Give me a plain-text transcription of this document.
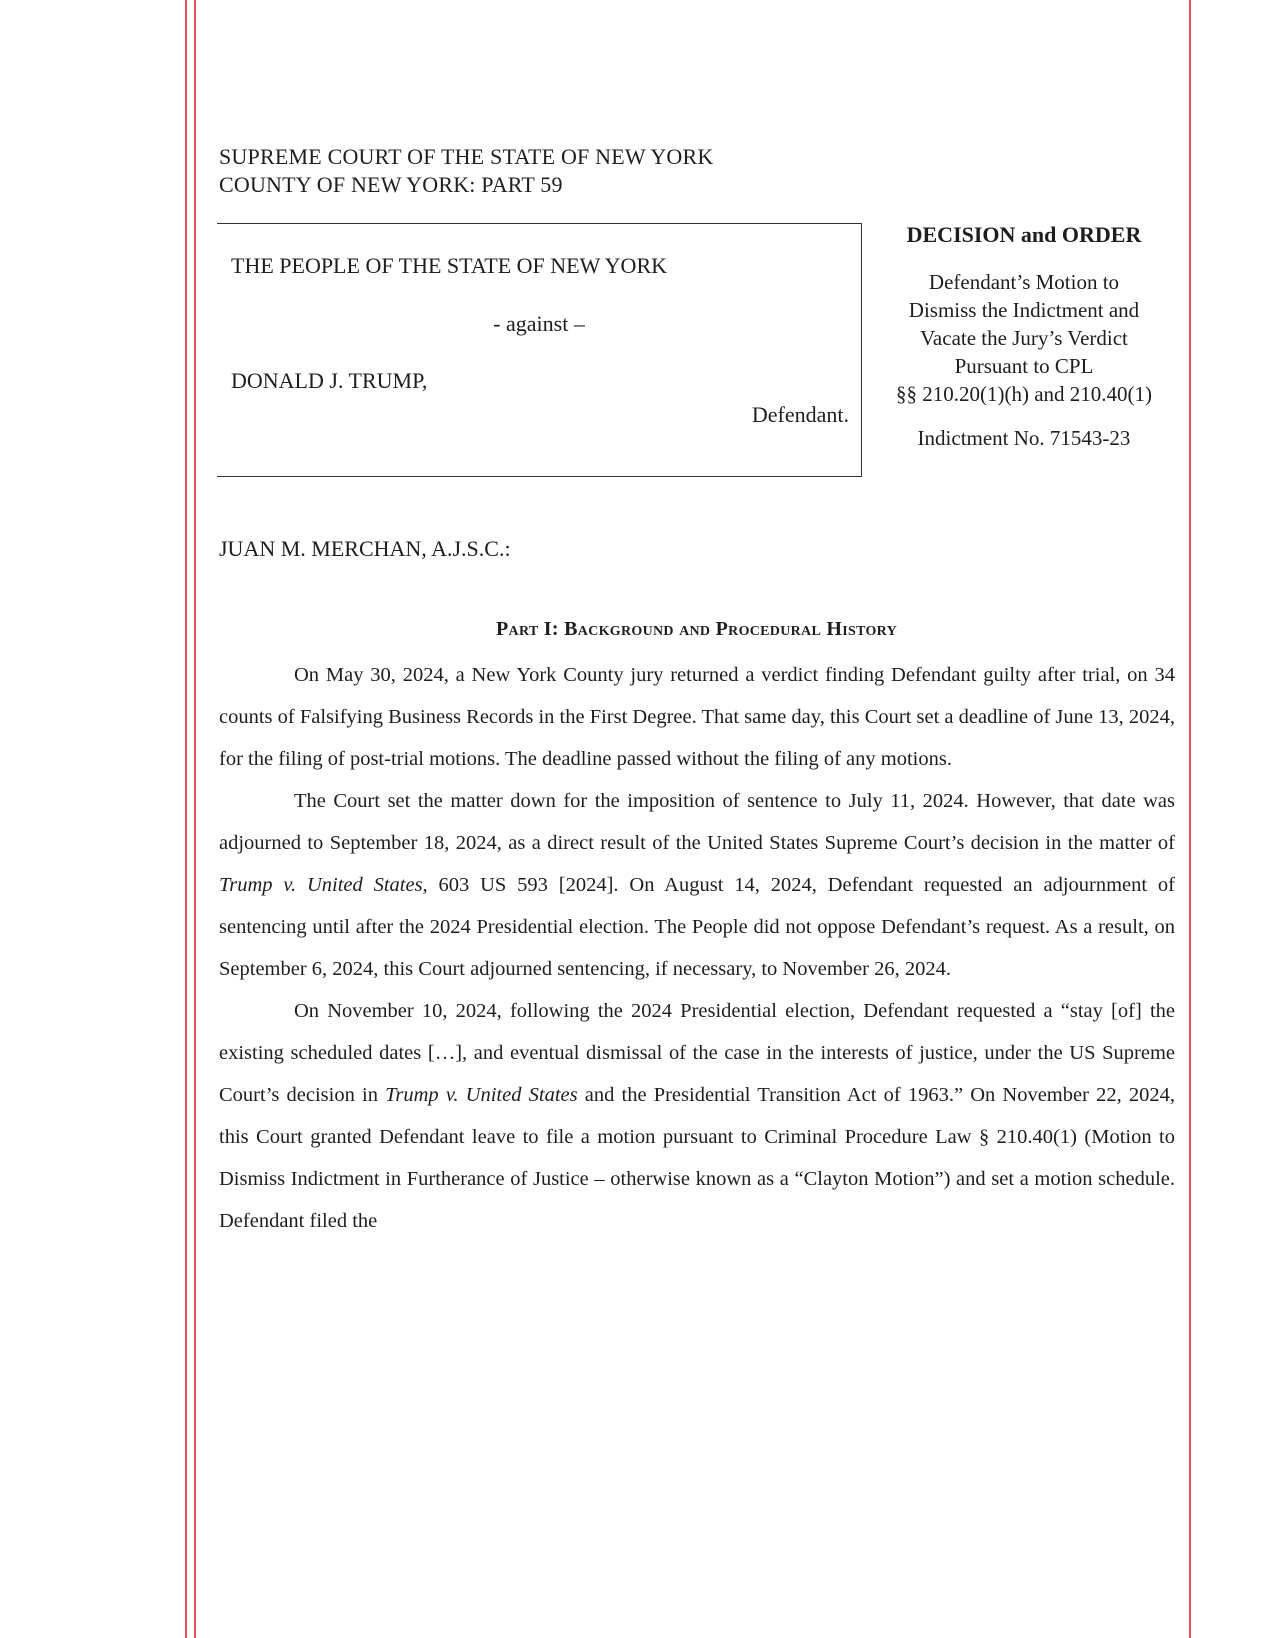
SUPREME COURT OF THE STATE OF NEW YORK
COUNTY OF NEW YORK: PART 59
THE PEOPLE OF THE STATE OF NEW YORK
- against –
DONALD J. TRUMP,
Defendant.
DECISION and ORDER
Defendant’s Motion to
Dismiss the Indictment and
Vacate the Jury’s Verdict
Pursuant to CPL
§§ 210.20(1)(h) and 210.40(1)
Indictment No. 71543-23
JUAN M. MERCHAN, A.J.S.C.:
Part I: Background and Procedural History

On May 30, 2024, a New York County jury returned a verdict finding Defendant guilty after trial, on 34 counts of Falsifying Business Records in the First Degree. That same day, this Court set a deadline of June 13, 2024, for the filing of post-trial motions. The deadline passed without the filing of any motions.

The Court set the matter down for the imposition of sentence to July 11, 2024. However, that date was adjourned to September 18, 2024, as a direct result of the United States Supreme Court’s decision in the matter of Trump v. United States, 603 US 593 [2024]. On August 14, 2024, Defendant requested an adjournment of sentencing until after the 2024 Presidential election. The People did not oppose Defendant’s request. As a result, on September 6, 2024, this Court adjourned sentencing, if necessary, to November 26, 2024.

On November 10, 2024, following the 2024 Presidential election, Defendant requested a “stay [of] the existing scheduled dates […], and eventual dismissal of the case in the interests of justice, under the US Supreme Court’s decision in Trump v. United States and the Presidential Transition Act of 1963.” On November 22, 2024, this Court granted Defendant leave to file a motion pursuant to Criminal Procedure Law § 210.40(1) (Motion to Dismiss Indictment in Furtherance of Justice – otherwise known as a “Clayton Motion”) and set a motion schedule. Defendant filed the
